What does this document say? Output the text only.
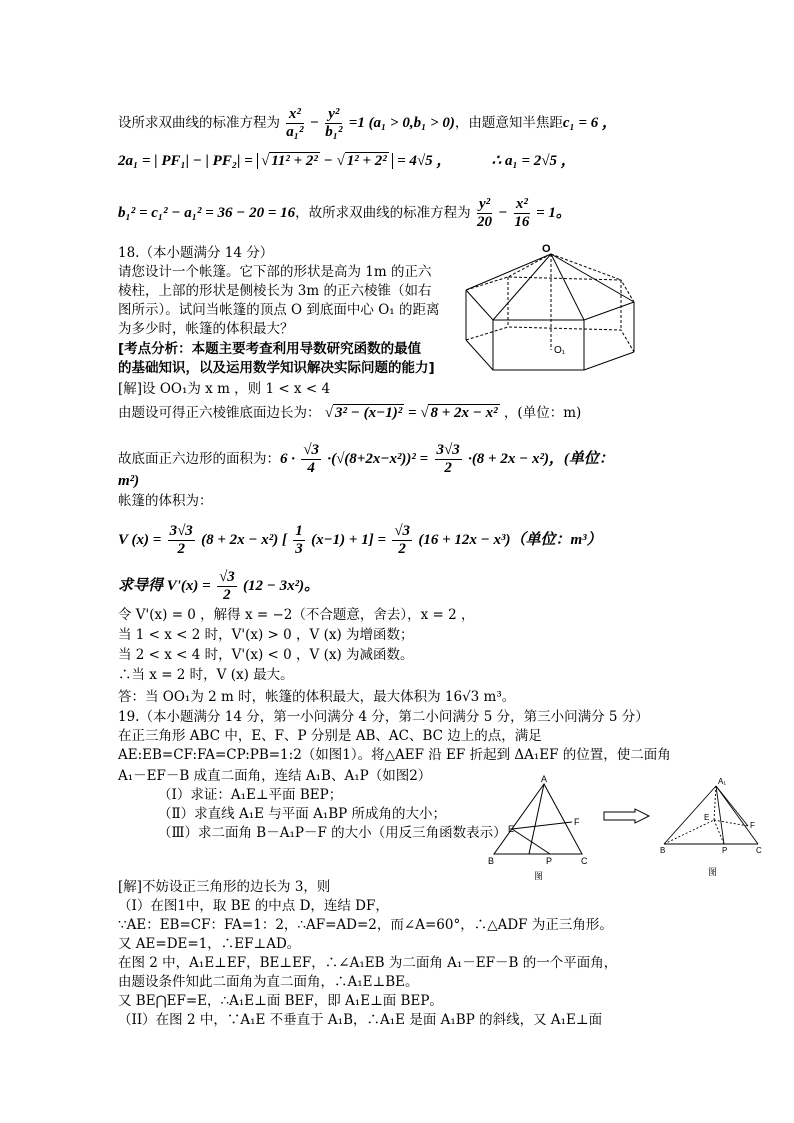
设所求双曲线的标准方程为 $\frac{\text{x²}}{\text{a₁²}} - \frac{\text{y²}}{\text{b₁²}} =1$ (a₁ > 0,b₁ > 0)，由题意知半焦距c₁ = 6 ，
2a₁ = | PF₁| − | PF₂| = √ 11² + 2² − √ 1² + 2² = 4√5 ，	∴ a₁ = 2√5 ，
b₁² = c₁² − a₁² = 36 − 20 = 16，故所求双曲线的标准方程为 $\frac{\text{y²}}{20} - \frac{\text{x²}}{16} = 1$。
18.（本小题满分 14 分）
请您设计一个帐篷。它下部的形状是高为 1m 的正六
棱柱，上部的形状是侧棱长为 3m 的正六棱锥（如右
图所示）。试问当帐篷的顶点 O 到底面中心 O₁ 的距离
为多少时，帐篷的体积最大？
[考点分析：本题主要考查利用导数研究函数的最值
的基础知识，以及运用数学知识解决实际问题的能力]
[解]设 OO₁为 x m ，则 1 < x < 4
由题设可得正六棱锥底面边长为： √ 3² − (x−1)² = √ 8 + 2x − x² ，(单位：m)
故底面正六边形的面积为：$6 \cdot \frac{√3}{4} \cdot(√(8+2x-x^2))^2 = \frac{3√3}{2} \cdot(8 + 2x - x^2)$，(单位：
m²)
帐篷的体积为：
V $(x) = \frac{3√3}{2} (8 + 2x - x^2)$ [ $\frac{1}{3} (x-1) + 1] = \frac{√3}{2} (16 + 12x - x^3)$（单位：m³）
求导得 $V'(x) = \frac{√3}{2} (12 - 3x^2)$。
令 V'(x) = 0 ，解得 x = −2（不合题意，舍去），x = 2 ，
当 1 < x < 2 时，V'(x) > 0 ，V (x) 为增函数；
当 2 < x < 4 时，V'(x) < 0 ，V (x) 为减函数。
∴当 x = 2 时，V (x) 最大。
答：当 OO₁为 2 m 时，帐篷的体积最大，最大体积为 16√3 m³。
O
O₁
19.（本小题满分 14 分，第一小问满分 4 分，第二小问满分 5 分，第三小问满分 5 分）
在正三角形 ABC 中，E、F、P 分别是 AB、AC、BC 边上的点，满足
AE:EB=CF:FA=CP:PB=1:2（如图1）。将△AEF 沿 EF 折起到 ΔA₁EF 的位置，使二面角
A₁－EF－B 成直二面角，连结 A₁B、A₁P（如图2）
（Ⅰ）求证：A₁E⊥平面 BEP；
（Ⅱ）求直线 A₁E 与平面 A₁BP 所成角的大小；
（Ⅲ）求二面角 B－A₁P－F 的大小（用反三角函数表示）
A
E
F
B	P	C
图
A₁
E
F
B	P	C
图
[解]不妨设正三角形的边长为 3，则
（I）在图1中，取 BE 的中点 D，连结 DF，
∵AE：EB=CF：FA=1：2，∴AF=AD=2，而∠A=60°，∴△ADF 为正三角形。
又 AE=DE=1，∴EF⊥AD。
在图 2 中，A₁E⊥EF，BE⊥EF，∴∠A₁EB 为二面角 A₁－EF－B 的一个平面角，
由题设条件知此二面角为直二面角，∴A₁E⊥BE。
又 BE⋂EF=E，∴A₁E⊥面 BEF，即 A₁E⊥面 BEP。
（II）在图 2 中，∵A₁E 不垂直于 A₁B，∴A₁E 是面 A₁BP 的斜线，又 A₁E⊥面
